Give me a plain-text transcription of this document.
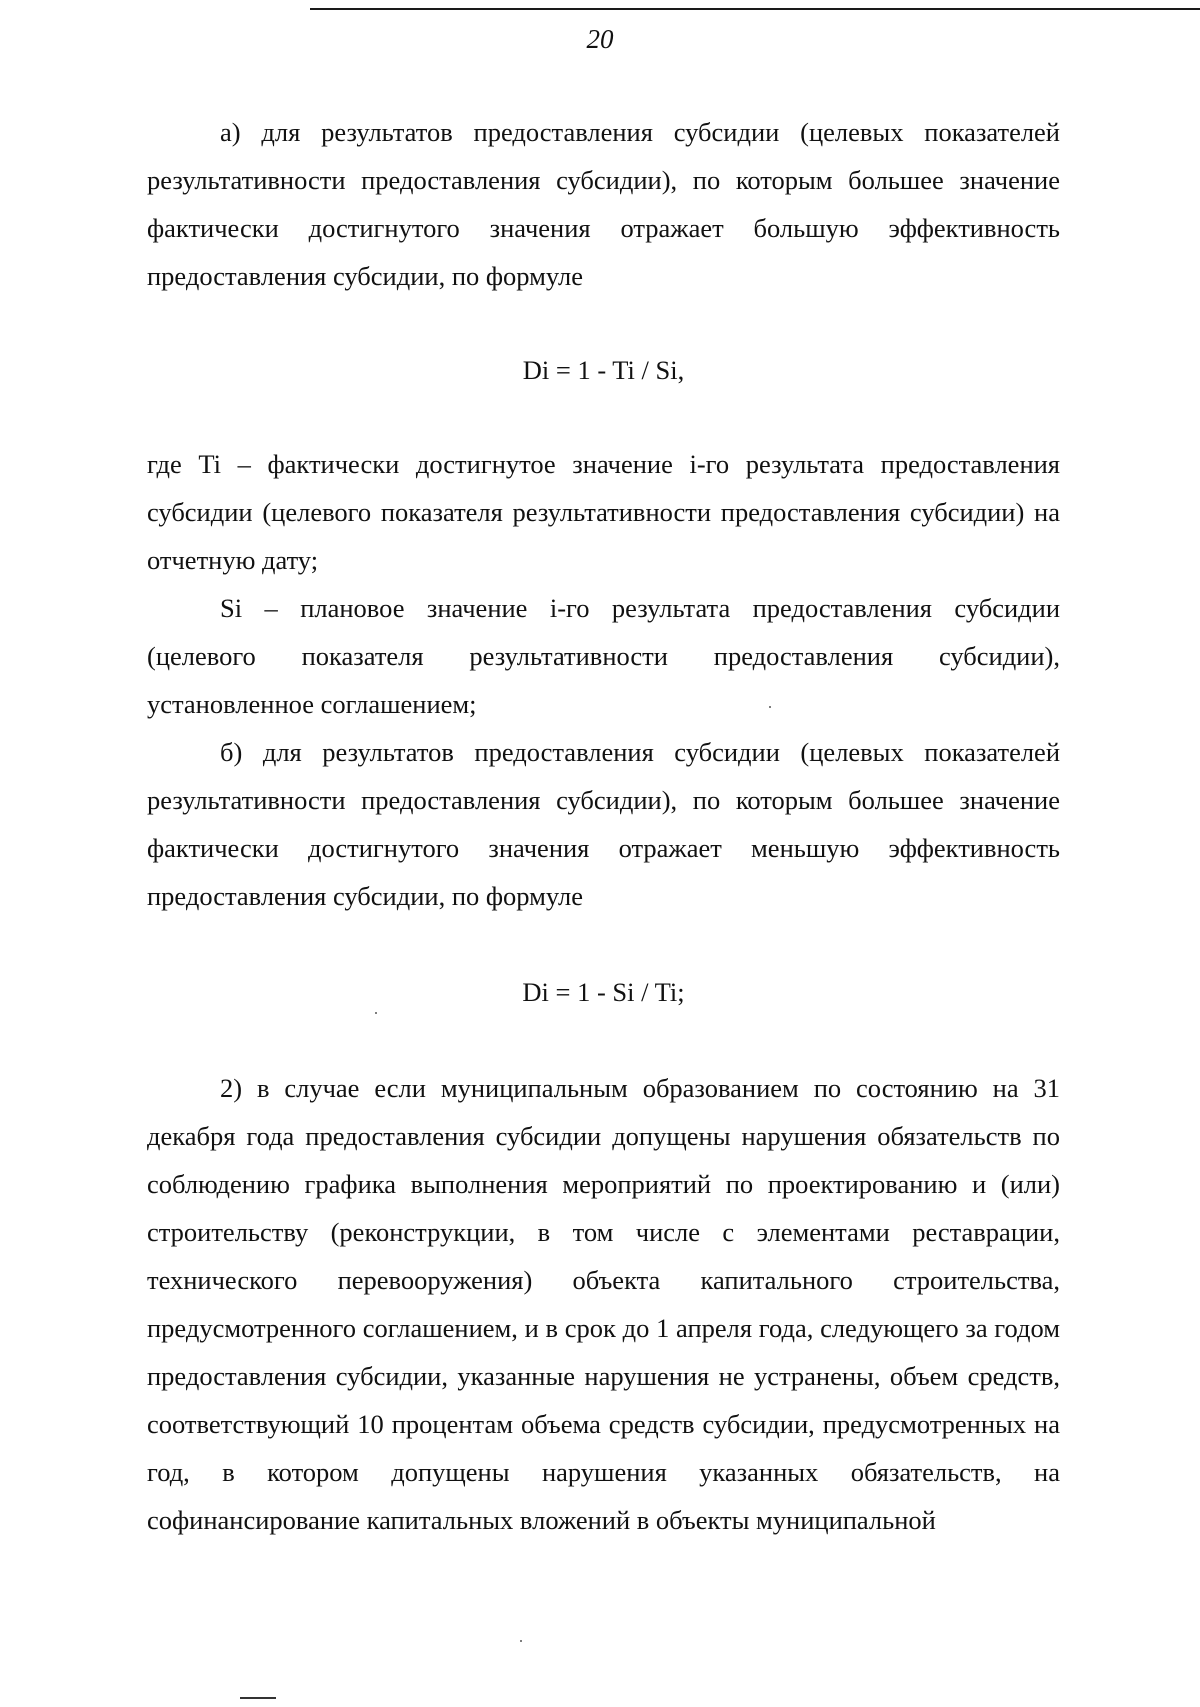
20

а) для результатов предоставления субсидии (целевых показателей результативности предоставления субсидии), по которым большее значение фактически достигнутого значения отражает большую эффективность предоставления субсидии, по формуле

Di = 1 - Ti / Si,

где Ti – фактически достигнутое значение i-го результата предоставления субсидии (целевого показателя результативности предоставления субсидии) на отчетную дату;

Si – плановое значение i-го результата предоставления субсидии (целевого показателя результативности предоставления субсидии), установленное соглашением;

б) для результатов предоставления субсидии (целевых показателей результативности предоставления субсидии), по которым большее значение фактически достигнутого значения отражает меньшую эффективность предоставления субсидии, по формуле

Di = 1 - Si / Ti;

2) в случае если муниципальным образованием по состоянию на 31 декабря года предоставления субсидии допущены нарушения обязательств по соблюдению графика выполнения мероприятий по проектированию и (или) строительству (реконструкции, в том числе с элементами реставрации, технического перевооружения) объекта капитального строительства, предусмотренного соглашением, и в срок до 1 апреля года, следующего за годом предоставления субсидии, указанные нарушения не устранены, объем средств, соответствующий 10 процентам объема средств субсидии, предусмотренных на год, в котором допущены нарушения указанных обязательств, на софинансирование капитальных вложений в объекты муниципальной
